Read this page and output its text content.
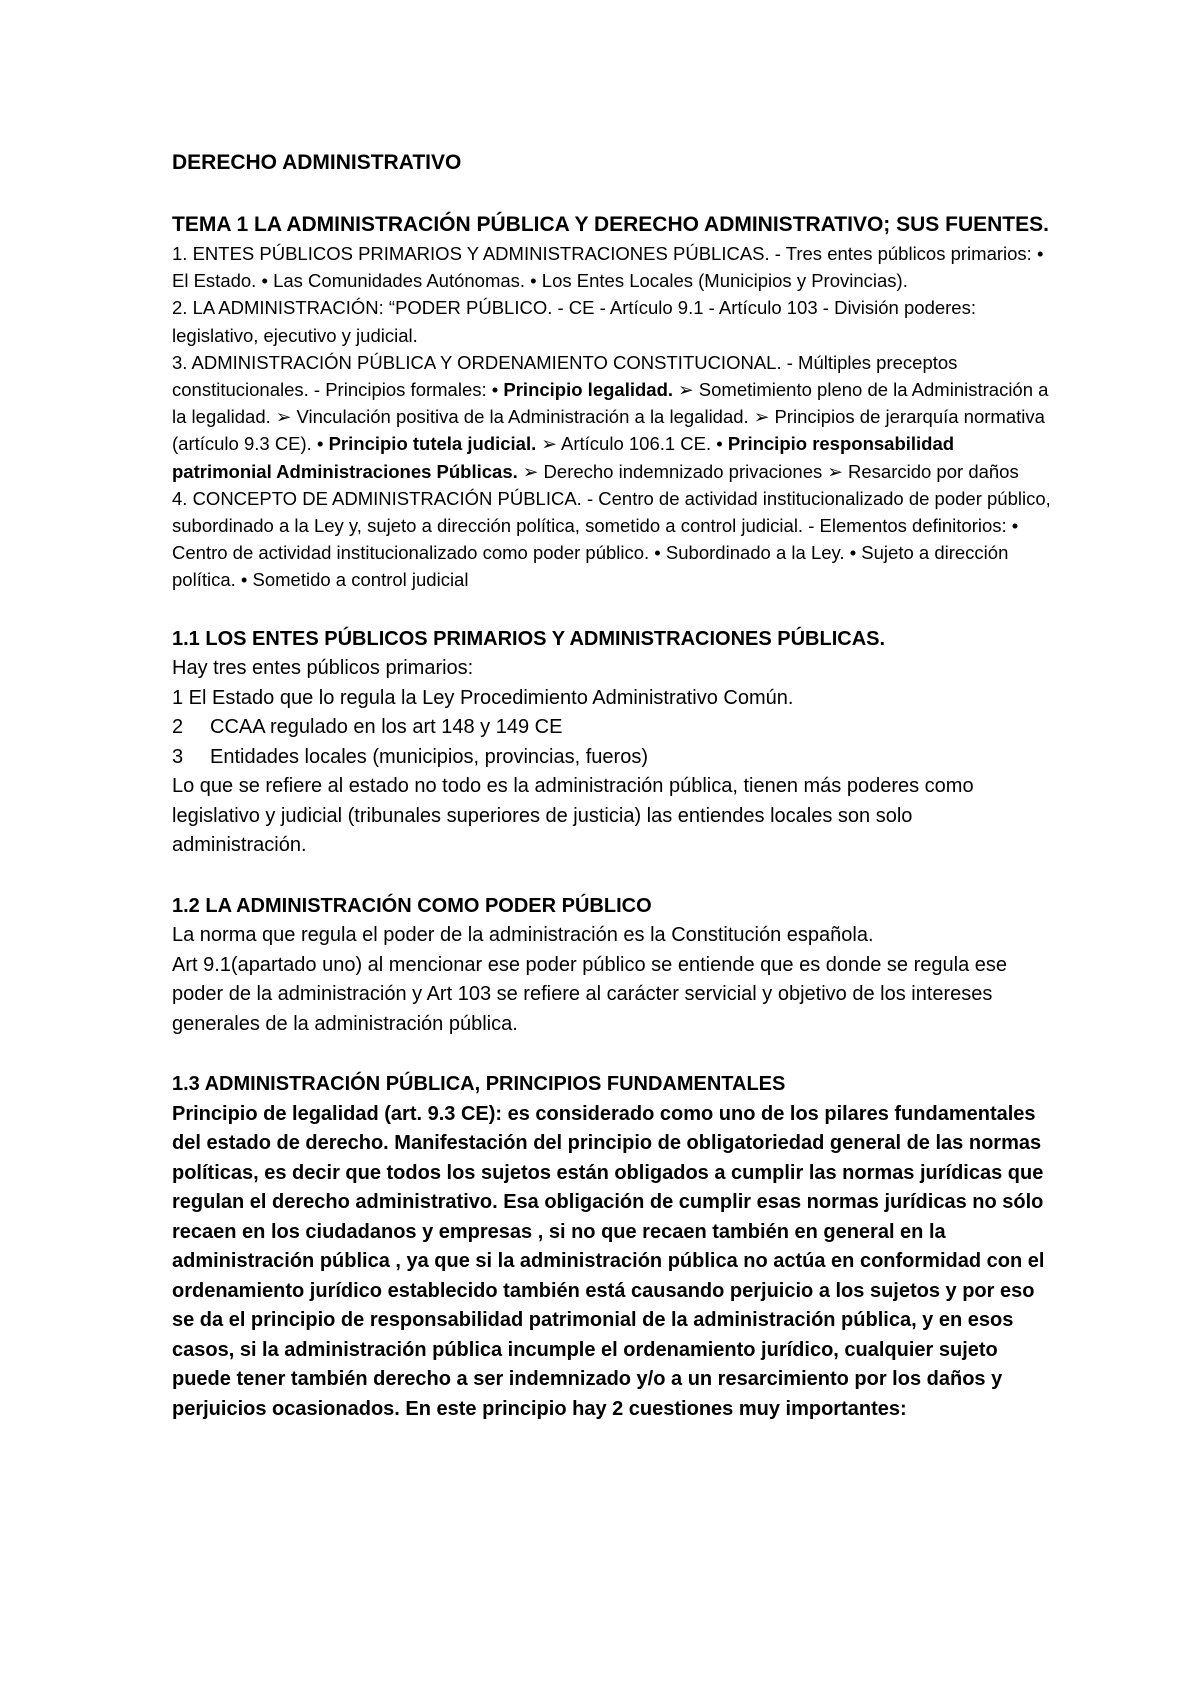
DERECHO ADMINISTRATIVO
TEMA 1 LA ADMINISTRACIÓN PÚBLICA Y DERECHO ADMINISTRATIVO; SUS FUENTES.

1. ENTES PÚBLICOS PRIMARIOS Y ADMINISTRACIONES PÚBLICAS. - Tres entes públicos primarios: • El Estado. • Las Comunidades Autónomas. • Los Entes Locales (Municipios y Provincias).

2. LA ADMINISTRACIÓN: “PODER PÚBLICO. - CE - Artículo 9.1 - Artículo 103 - División poderes: legislativo, ejecutivo y judicial.

3. ADMINISTRACIÓN PÚBLICA Y ORDENAMIENTO CONSTITUCIONAL. - Múltiples preceptos constitucionales. - Principios formales: • Principio legalidad. ➢ Sometimiento pleno de la Administración a la legalidad. ➢ Vinculación positiva de la Administración a la legalidad. ➢ Principios de jerarquía normativa (artículo 9.3 CE). • Principio tutela judicial. ➢ Artículo 106.1 CE. • Principio responsabilidad patrimonial Administraciones Públicas. ➢ Derecho indemnizado privaciones ➢ Resarcido por daños

4. CONCEPTO DE ADMINISTRACIÓN PÚBLICA. - Centro de actividad institucionalizado de poder público, subordinado a la Ley y, sujeto a dirección política, sometido a control judicial. - Elementos definitorios: • Centro de actividad institucionalizado como poder público. • Subordinado a la Ley. • Sujeto a dirección política. • Sometido a control judicial

1.1 LOS ENTES PÚBLICOS PRIMARIOS Y ADMINISTRACIONES PÚBLICAS.
Hay tres entes públicos primarios:
1 El Estado que lo regula la Ley Procedimiento Administrativo Común.
2	CCAA regulado en los art 148 y 149 CE
3	Entidades locales (municipios, provincias, fueros)
Lo que se refiere al estado no todo es la administración pública, tienen más poderes como legislativo y judicial (tribunales superiores de justicia) las entiendes locales son solo administración.
1.2 LA ADMINISTRACIÓN COMO PODER PÚBLICO
La norma que regula el poder de la administración es la Constitución española.
Art 9.1(apartado uno) al mencionar ese poder público se entiende que es donde se regula ese poder de la administración y Art 103 se refiere al carácter servicial y objetivo de los intereses generales de la administración pública.
1.3 ADMINISTRACIÓN PÚBLICA, PRINCIPIOS FUNDAMENTALES
Principio de legalidad (art. 9.3 CE): es considerado como uno de los pilares fundamentales del estado de derecho. Manifestación del principio de obligatoriedad general de las normas políticas, es decir que todos los sujetos están obligados a cumplir las normas jurídicas que regulan el derecho administrativo. Esa obligación de cumplir esas normas jurídicas no sólo recaen en los ciudadanos y empresas , si no que recaen también en general en la administración pública , ya que si la administración pública no actúa en conformidad con el ordenamiento jurídico establecido también está causando perjuicio a los sujetos y por eso se da el principio de responsabilidad patrimonial de la administración pública, y en esos casos, si la administración pública incumple el ordenamiento jurídico, cualquier sujeto puede tener también derecho a ser indemnizado y/o a un resarcimiento por los daños y perjuicios ocasionados. En este principio hay 2 cuestiones muy importantes:
